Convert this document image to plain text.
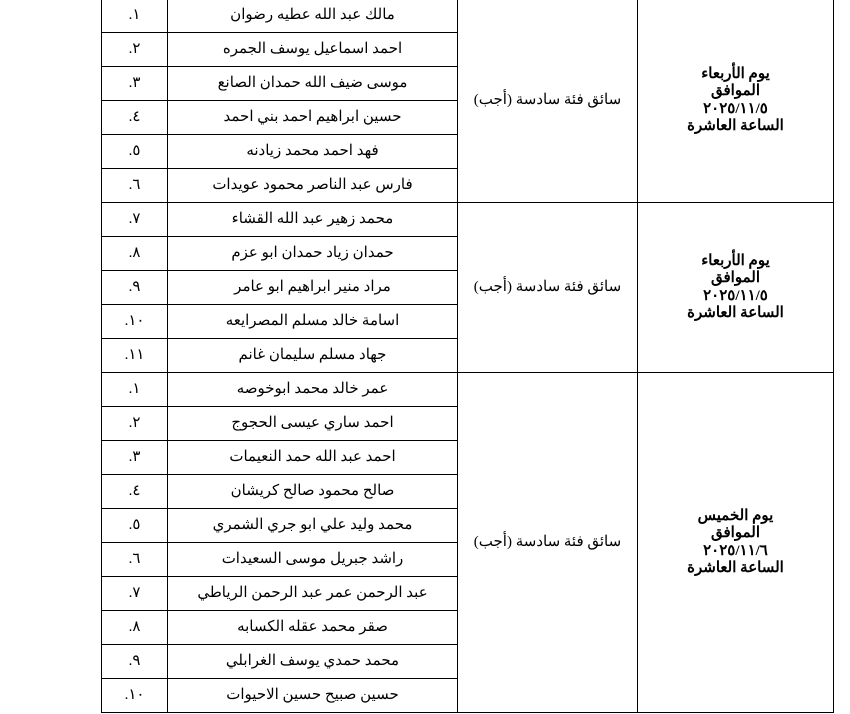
يوم الأربعاء
الموافق
٢٠٢٥/١١/٥
الساعة العاشرة	سائق فئة سادسة (أجب)	مالك عبد الله عطيه رضوان	١.
		احمد اسماعيل يوسف الجمره	٢.
		موسى ضيف الله حمدان الصانع	٣.
		حسين ابراهيم احمد بني احمد	٤.
		فهد احمد محمد زيادنه	٥.
		فارس عبد الناصر محمود عويدات	٦.

يوم الأربعاء
الموافق
٢٠٢٥/١١/٥
الساعة العاشرة	سائق فئة سادسة (أجب)	محمد زهير عبد الله القشاء	٧.
		حمدان زياد حمدان ابو عزم	٨.
		مراد منير ابراهيم ابو عامر	٩.
		اسامة خالد مسلم المصرايعه	١٠.
		جهاد مسلم سليمان غانم	١١.

يوم الخميس
الموافق
٢٠٢٥/١١/٦
الساعة العاشرة	سائق فئة سادسة (أجب)	عمر خالد محمد ابوخوصه	١.
		احمد ساري عيسى الحجوج	٢.
		احمد عبد الله حمد النعيمات	٣.
		صالح محمود صالح كريشان	٤.
		محمد وليد علي ابو جري الشمري	٥.
		راشد جبريل موسى السعيدات	٦.
		عبد الرحمن عمر عبد الرحمن الرياطي	٧.
		صقر محمد عقله الكسابه	٨.
		محمد حمدي يوسف الغرابلي	٩.
		حسين صبيح حسين الاحيوات	١٠.
